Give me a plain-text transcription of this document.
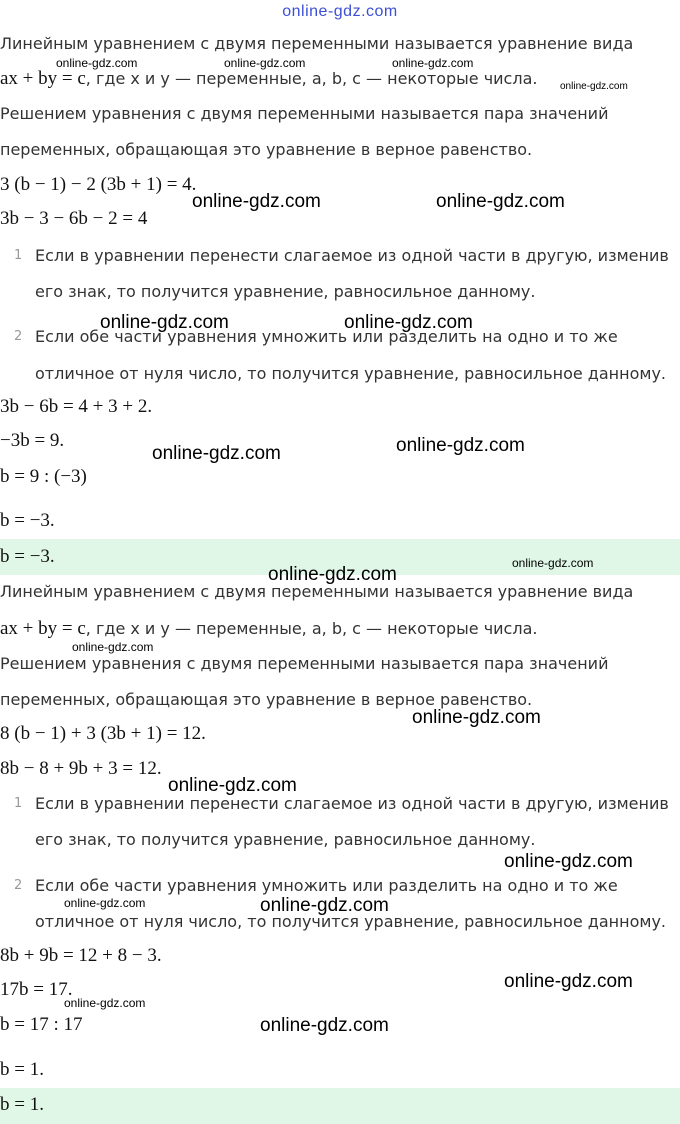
online-gdz.com
Линейным уравнением с двумя переменными называется уравнение вида
ax + by = c, где x и y — переменные, a, b, c — некоторые числа.
Решением уравнения с двумя переменными называется пара значений
переменных, обращающая это уравнение в верное равенство.
3 (b − 1) − 2 (3b + 1) = 4.
3b − 3 − 6b − 2 = 4
1 Если в уравнении перенести слагаемое из одной части в другую, изменив
его знак, то получится уравнение, равносильное данному.
2 Если обе части уравнения умножить или разделить на одно и то же
отличное от нуля число, то получится уравнение, равносильное данному.
3b − 6b = 4 + 3 + 2.
−3b = 9.
b = 9 : (−3)
b = −3.
b = −3.
Линейным уравнением с двумя переменными называется уравнение вида
ax + by = c, где x и y — переменные, a, b, c — некоторые числа.
Решением уравнения с двумя переменными называется пара значений
переменных, обращающая это уравнение в верное равенство.
8 (b − 1) + 3 (3b + 1) = 12.
8b − 8 + 9b + 3 = 12.
1 Если в уравнении перенести слагаемое из одной части в другую, изменив
его знак, то получится уравнение, равносильное данному.
2 Если обе части уравнения умножить или разделить на одно и то же
отличное от нуля число, то получится уравнение, равносильное данному.
8b + 9b = 12 + 8 − 3.
17b = 17.
b = 17 : 17
b = 1.
b = 1.
online-gdz.com	online-gdz.com	online-gdz.com
online-gdz.com
online-gdz.com	online-gdz.com
online-gdz.com	online-gdz.com
online-gdz.com
online-gdz.com
online-gdz.com
online-gdz.com
online-gdz.com
online-gdz.com
online-gdz.com
online-gdz.com
online-gdz.com	online-gdz.com
online-gdz.com
online-gdz.com
online-gdz.com
